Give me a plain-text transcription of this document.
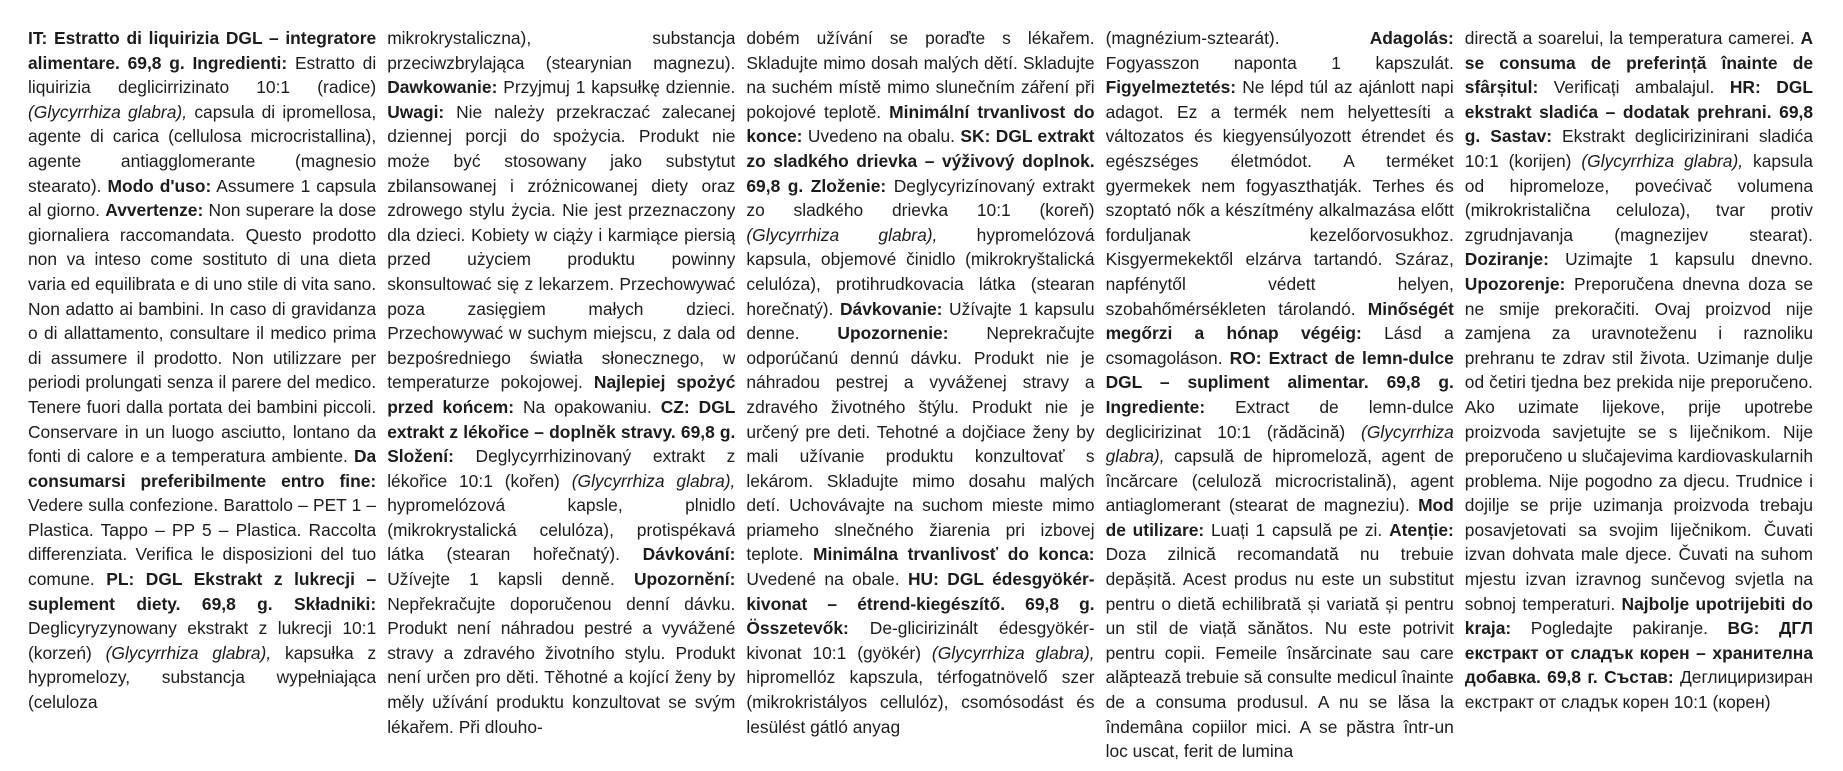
IT: Estratto di liquirizia DGL – integratore alimentare. 69,8 g. Ingredienti: Estratto di liquirizia deglicirrizinato 10:1 (radice) (Glycyrrhiza glabra), capsula di ipromellosa, agente di carica (cellulosa microcristallina), agente antiagglomerante (magnesio stearato). Modo d'uso: Assumere 1 capsula al giorno. Avvertenze: Non superare la dose giornaliera raccomandata. Questo prodotto non va inteso come sostituto di una dieta varia ed equilibrata e di uno stile di vita sano. Non adatto ai bambini. In caso di gravidanza o di allattamento, consultare il medico prima di assumere il prodotto. Non utilizzare per periodi prolungati senza il parere del medico. Tenere fuori dalla portata dei bambini piccoli. Conservare in un luogo asciutto, lontano da fonti di calore e a temperatura ambiente. Da consumarsi preferibilmente entro fine: Vedere sulla confezione. Barattolo – PET 1 – Plastica. Tappo – PP 5 – Plastica. Raccolta differenziata. Verifica le disposizioni del tuo comune. PL: DGL Ekstrakt z lukrecji – suplement diety. 69,8 g. Składniki: Deglicyryzynowany ekstrakt z lukrecji 10:1 (korzeń) (Glycyrrhiza glabra), kapsułka z hypromelozy, substancja wypełniająca (celuloza
mikrokrystaliczna), substancja przeciwzbrylająca (stearynian magnezu). Dawkowanie: Przyjmuj 1 kapsułkę dziennie. Uwagi: Nie należy przekraczać zalecanej dziennej porcji do spożycia. Produkt nie może być stosowany jako substytut zbilansowanej i zróżnicowanej diety oraz zdrowego stylu życia. Nie jest przeznaczony dla dzieci. Kobiety w ciąży i karmiące piersią przed użyciem produktu powinny skonsultować się z lekarzem. Przechowywać poza zasięgiem małych dzieci. Przechowywać w suchym miejscu, z dala od bezpośredniego światła słonecznego, w temperaturze pokojowej. Najlepiej spożyć przed końcem: Na opakowaniu. CZ: DGL extrakt z lékořice – doplněk stravy. 69,8 g. Složení: Deglycyrrhizinovaný extrakt z lékořice 10:1 (kořen) (Glycyrrhiza glabra), hypromelózová kapsle, plnidlo (mikrokrystalická celulóza), protispékavá látka (stearan hořečnatý). Dávkování: Užívejte 1 kapsli denně. Upozornění: Nepřekračujte doporučenou denní dávku. Produkt není náhradou pestré a vyvážené stravy a zdravého životního stylu. Produkt není určen pro děti. Těhotné a kojící ženy by měly užívání produktu konzultovat se svým lékařem. Při dlouho-
dobém užívání se poraďte s lékařem. Skladujte mimo dosah malých dětí. Skladujte na suchém místě mimo slunečním záření při pokojové teplotě. Minimální trvanlivost do konce: Uvedeno na obalu. SK: DGL extrakt zo sladkého drievka – výživový doplnok. 69,8 g. Zloženie: Deglycyrizínovaný extrakt zo sladkého drievka 10:1 (koreň) (Glycyrrhiza glabra), hypromelózová kapsula, objemové činidlo (mikrokryštalická celulóza), protihrudkovacia látka (stearan horečnatý). Dávkovanie: Užívajte 1 kapsulu denne. Upozornenie: Neprekračujte odporúčanú dennú dávku. Produkt nie je náhradou pestrej a vyváženej stravy a zdravého životného štýlu. Produkt nie je určený pre deti. Tehotné a dojčiace ženy by mali užívanie produktu konzultovať s lekárom. Skladujte mimo dosahu malých detí. Uchovávajte na suchom mieste mimo priameho slnečného žiarenia pri izbovej teplote. Minimálna trvanlivosť do konca: Uvedené na obale. HU: DGL édesgyökér-kivonat – étrend-kiegészítő. 69,8 g. Összetevők: De-glicirizinált édesgyökér-kivonat 10:1 (gyökér) (Glycyrrhiza glabra), hipromellóz kapszula, térfogatnövelő szer (mikrokristályos cellulóz), csomósodást és lesülést gátló anyag
(magnézium-sztearát). Adagolás: Fogyasszon naponta 1 kapszulát. Figyelmeztetés: Ne lépd túl az ajánlott napi adagot. Ez a termék nem helyettesíti a változatos és kiegyensúlyozott étrendet és egészséges életmódot. A terméket gyermekek nem fogyaszthatják. Terhes és szoptató nők a készítmény alkalmazása előtt forduljanak kezelőorvosukhoz. Kisgyermekektől elzárva tartandó. Száraz, napfénytől védett helyen, szobahőmérsékleten tárolandó. Minőségét megőrzi a hónap végéig: Lásd a csomagoláson. RO: Extract de lemn-dulce DGL – supliment alimentar. 69,8 g. Ingrediente: Extract de lemn-dulce deglicirizinat 10:1 (rădăcină) (Glycyrrhiza glabra), capsulă de hipromeloză, agent de încărcare (celuloză microcristalină), agent antiaglomerant (stearat de magneziu). Mod de utilizare: Luați 1 capsulă pe zi. Atenție: Doza zilnică recomandată nu trebuie depășită. Acest produs nu este un substitut pentru o dietă echilibrată și variată și pentru un stil de viață sănătos. Nu este potrivit pentru copii. Femeile însărcinate sau care alăptează trebuie să consulte medicul înainte de a consuma produsul. A nu se lăsa la îndemâna copiilor mici. A se păstra într-un loc uscat, ferit de lumina
directă a soarelui, la temperatura camerei. A se consuma de preferință înainte de sfârșitul: Verificați ambalajul. HR: DGL ekstrakt sladića – dodatak prehrani. 69,8 g. Sastav: Ekstrakt deglicirizinirani sladića 10:1 (korijen) (Glycyrrhiza glabra), kapsula od hipromeloze, povećivač volumena (mikrokristalična celuloza), tvar protiv zgrudnjavanja (magnezijev stearat). Doziranje: Uzimajte 1 kapsulu dnevno. Upozorenje: Preporučena dnevna doza se ne smije prekoračiti. Ovaj proizvod nije zamjena za uravnoteženu i raznoliku prehranu te zdrav stil života. Uzimanje dulje od četiri tjedna bez prekida nije preporučeno. Ako uzimate lijekove, prije upotrebe proizvoda savjetujte se s liječnikom. Nije preporučeno u slučajevima kardiovaskularnih problema. Nije pogodno za djecu. Trudnice i dojilje se prije uzimanja proizvoda trebaju posavjetovati sa svojim liječnikom. Čuvati izvan dohvata male djece. Čuvati na suhom mjestu izvan izravnog sunčevog svjetla na sobnoj temperaturi. Najbolje upotrijebiti do kraja: Pogledajte pakiranje. BG: ДГЛ екстракт от сладък корен – хранителна добавка. 69,8 г. Състав: Деглициризиран екстракт от сладък корен 10:1 (корен)
